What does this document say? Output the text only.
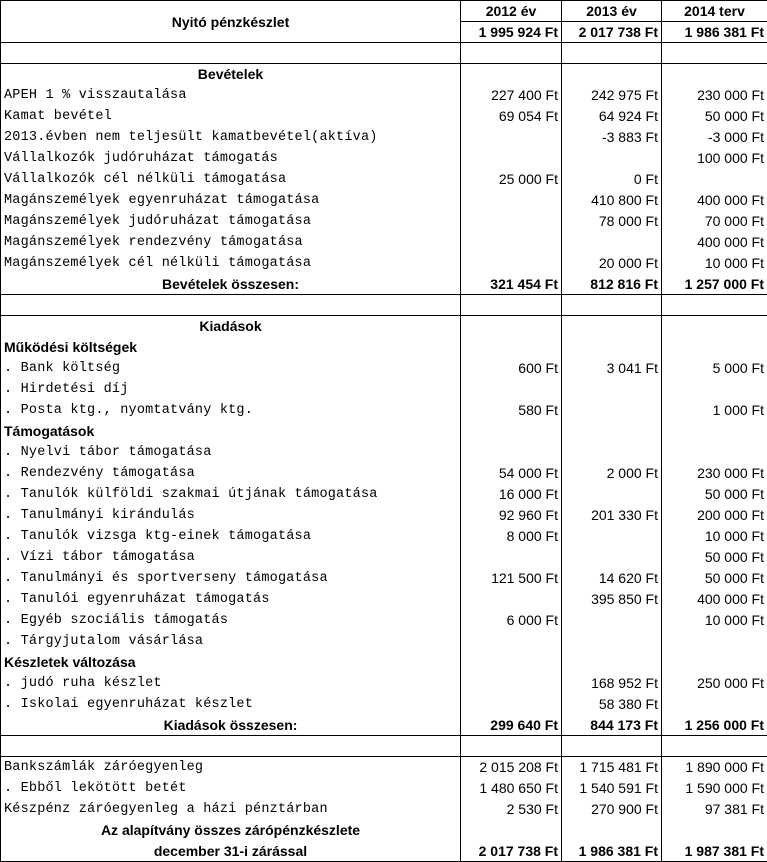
Nyitó pénzkészlet	2012 év	2013 év	2014 terv
	1 995 924 Ft	2 017 738 Ft	1 986 381 Ft

Bevételek			
APEH 1 % visszautalása	227 400 Ft	242 975 Ft	230 000 Ft
Kamat bevétel	69 054 Ft	64 924 Ft	50 000 Ft
2013.évben nem teljesült kamatbevétel(aktíva)		-3 883 Ft	-3 000 Ft
Vállalkozók judóruházat támogatás			100 000 Ft
Vállalkozók cél nélküli támogatása	25 000 Ft	0 Ft	
Magánszemélyek egyenruházat támogatása		410 800 Ft	400 000 Ft
Magánszemélyek judóruházat támogatása		78 000 Ft	70 000 Ft
Magánszemélyek rendezvény támogatása			400 000 Ft
Magánszemélyek cél nélküli támogatása		20 000 Ft	10 000 Ft
Bevételek összesen:	321 454 Ft	812 816 Ft	1 257 000 Ft

Kiadások			
Működési költségek			
. Bank költség	600 Ft	3 041 Ft	5 000 Ft
. Hirdetési díj			
. Posta ktg., nyomtatvány ktg.	580 Ft		1 000 Ft
Támogatások			
. Nyelvi tábor támogatása			
. Rendezvény támogatása	54 000 Ft	2 000 Ft	230 000 Ft
. Tanulók külföldi szakmai útjának támogatása	16 000 Ft		50 000 Ft
. Tanulmányi kirándulás	92 960 Ft	201 330 Ft	200 000 Ft
. Tanulók vizsga ktg-einek támogatása	8 000 Ft		10 000 Ft
. Vízi tábor támogatása			50 000 Ft
. Tanulmányi és sportverseny támogatása	121 500 Ft	14 620 Ft	50 000 Ft
. Tanulói egyenruházat támogatás		395 850 Ft	400 000 Ft
. Egyéb szociális támogatás	6 000 Ft		10 000 Ft
. Tárgyjutalom vásárlása			
Készletek változása			
. judó ruha készlet		168 952 Ft	250 000 Ft
. Iskolai egyenruházat készlet		58 380 Ft	
Kiadások összesen:	299 640 Ft	844 173 Ft	1 256 000 Ft

Bankszámlák záróegyenleg	2 015 208 Ft	1 715 481 Ft	1 890 000 Ft
. Ebből lekötött betét	1 480 650 Ft	1 540 591 Ft	1 590 000 Ft
Készpénz záróegyenleg a házi pénztárban	2 530 Ft	270 900 Ft	97 381 Ft
Az alapítvány összes zárópénzkészlete			
december 31-i zárással	2 017 738 Ft	1 986 381 Ft	1 987 381 Ft
